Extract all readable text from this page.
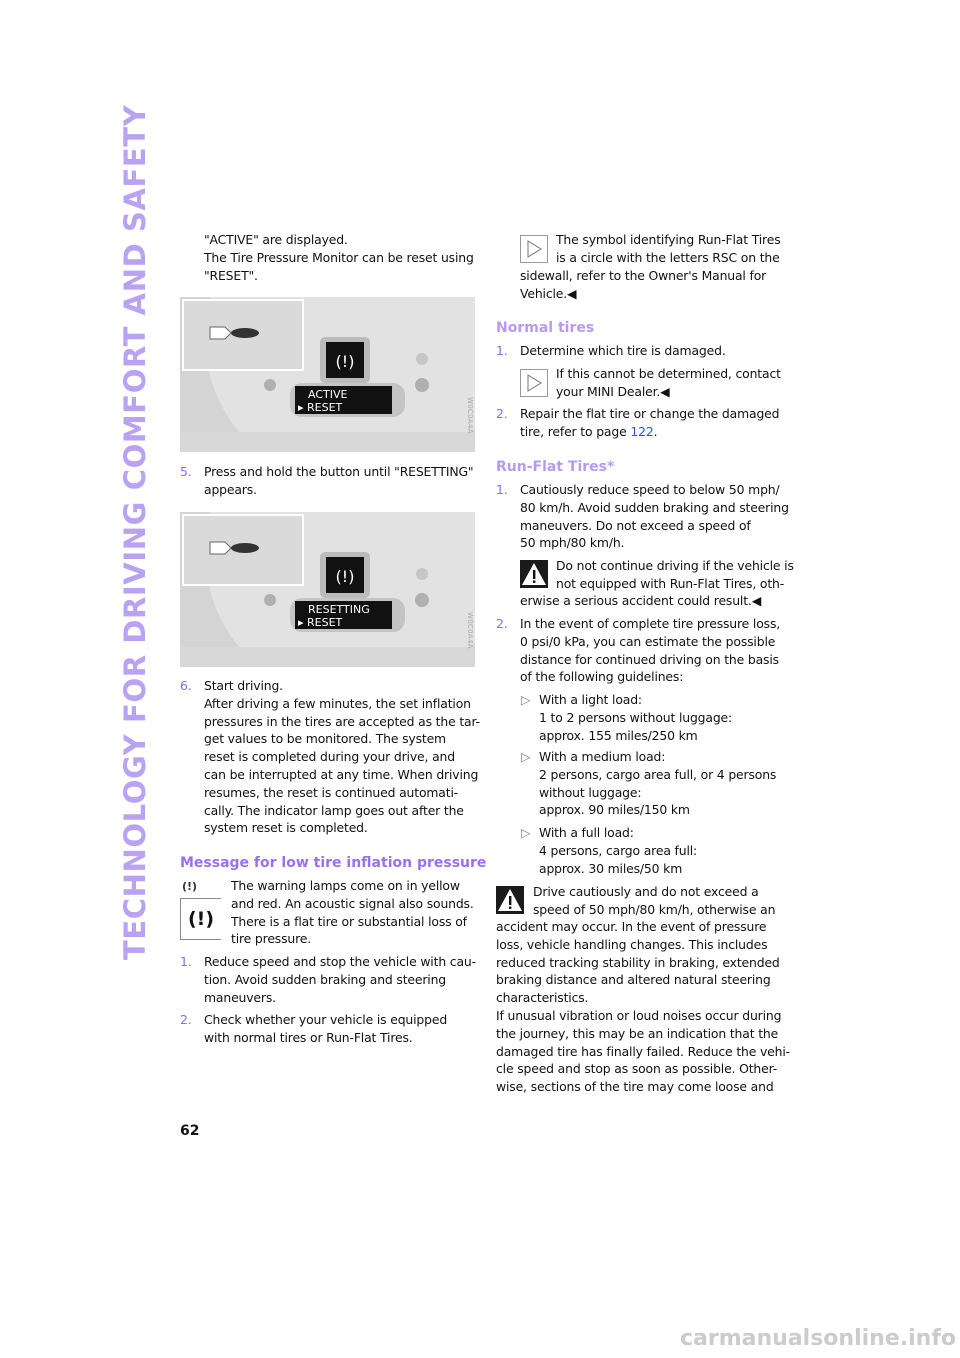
TECHNOLOGY FOR DRIVING COMFORT AND SAFETY	"ACTIVE" are displayed.
The Tire Pressure Monitor can be reset using
"RESET".
(!)
ACTIVE
▸ RESET	W0C0A4A
5. Press and hold the button until "RESETTING"
appears.
(!)
RESETTING
▸ RESET	W0C0A4A
6. Start driving.
After driving a few minutes, the set inflation
pressures in the tires are accepted as the tar-
get values to be monitored. The system
reset is completed during your drive, and
can be interrupted at any time. When driving
resumes, the reset is continued automati-
cally. The indicator lamp goes out after the
system reset is completed.
Message for low tire inflation pressure
(!)
(!)
The warning lamps come on in yellow
and red. An acoustic signal also sounds.
There is a flat tire or substantial loss of
tire pressure.
1. Reduce speed and stop the vehicle with cau-
tion. Avoid sudden braking and steering
maneuvers.
2. Check whether your vehicle is equipped
with normal tires or Run-Flat Tires.
The symbol identifying Run-Flat Tires
is a circle with the letters RSC on the
sidewall, refer to the Owner's Manual for
Vehicle.◀
Normal tires
1. Determine which tire is damaged.
If this cannot be determined, contact
your MINI Dealer.◀
2. Repair the flat tire or change the damaged
tire, refer to page 122.
Run-Flat Tires*
1. Cautiously reduce speed to below 50 mph/
80 km/h. Avoid sudden braking and steering
maneuvers. Do not exceed a speed of
50 mph/80 km/h.
Do not continue driving if the vehicle is
not equipped with Run-Flat Tires, oth-
erwise a serious accident could result.◀
2. In the event of complete tire pressure loss,
0 psi/0 kPa, you can estimate the possible
distance for continued driving on the basis
of the following guidelines:
▷ With a light load:
1 to 2 persons without luggage:
approx. 155 miles/250 km
▷ With a medium load:
2 persons, cargo area full, or 4 persons
without luggage:
approx. 90 miles/150 km
▷ With a full load:
4 persons, cargo area full:
approx. 30 miles/50 km
Drive cautiously and do not exceed a
speed of 50 mph/80 km/h, otherwise an
accident may occur. In the event of pressure
loss, vehicle handling changes. This includes
reduced tracking stability in braking, extended
braking distance and altered natural steering
characteristics.
If unusual vibration or loud noises occur during
the journey, this may be an indication that the
damaged tire has finally failed. Reduce the vehi-
cle speed and stop as soon as possible. Other-
wise, sections of the tire may come loose and
62
carmanualsonline.info
